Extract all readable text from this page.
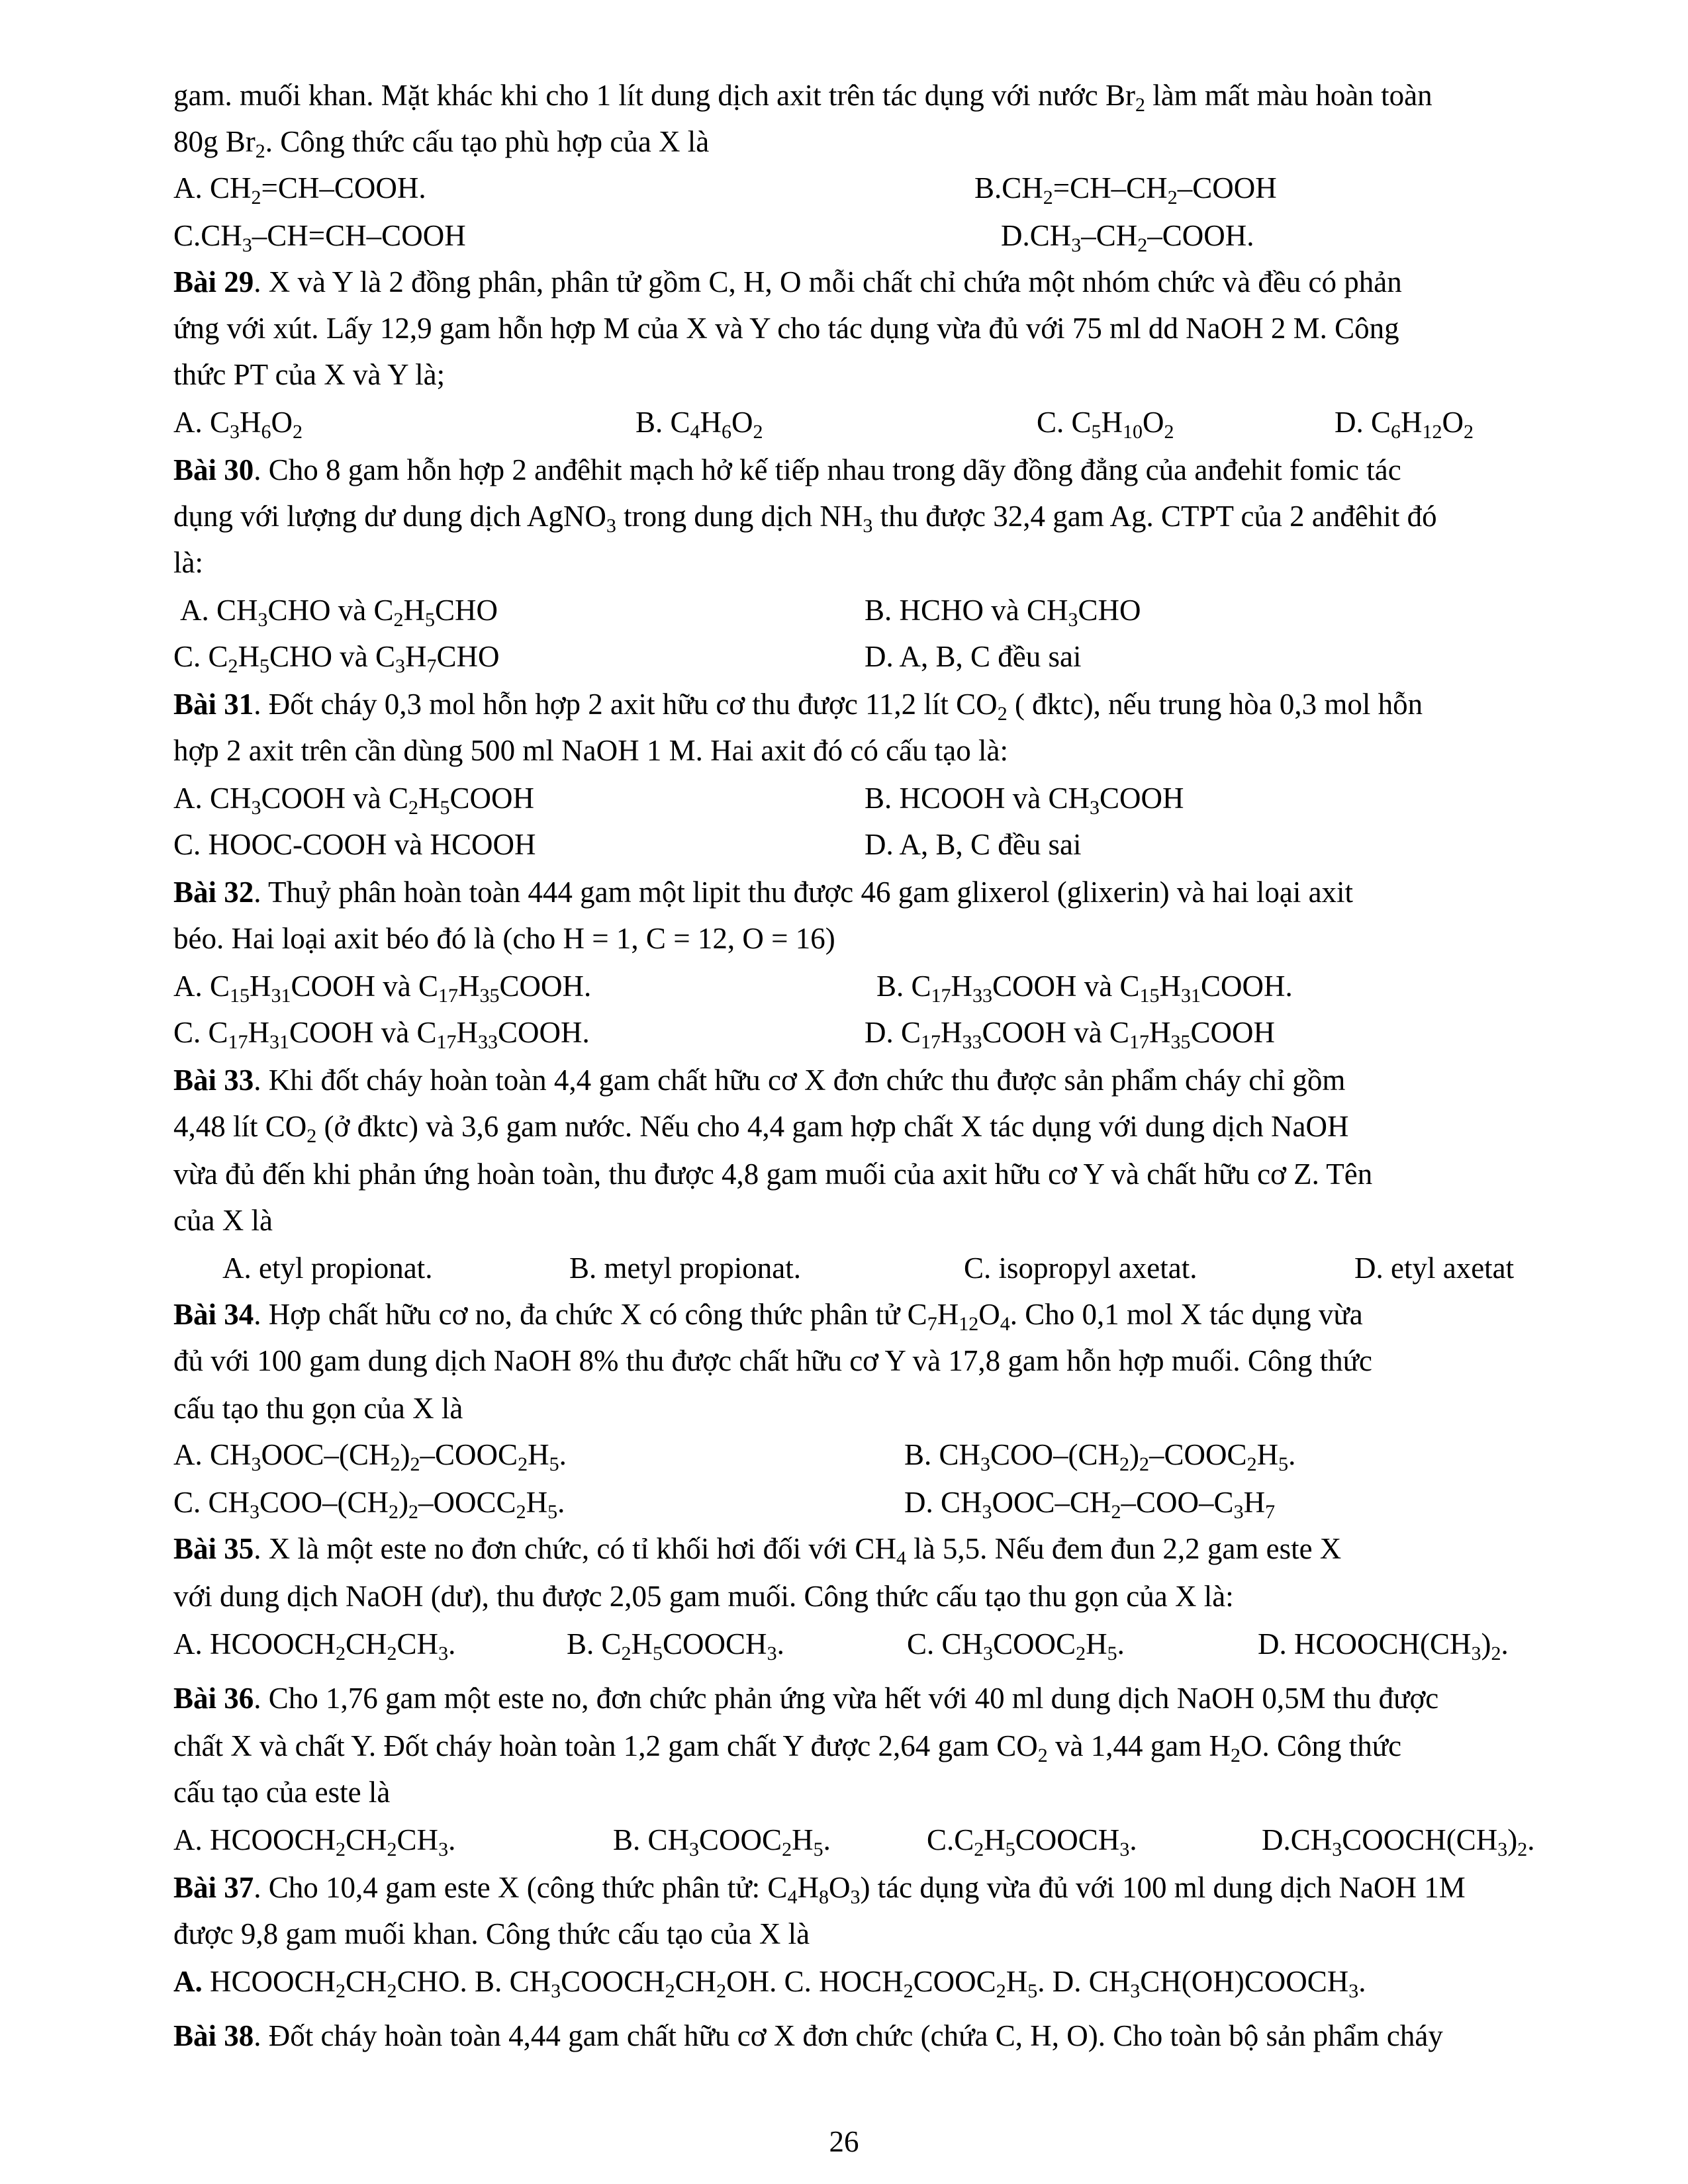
gam. muối khan. Mặt khác khi cho 1 lít dung dịch axit trên tác dụng với nước $Br_2$ làm mất màu hoàn toàn
80g $Br_2$. Công thức cấu tạo phù hợp của X là
A. $CH_2=CH$–COOH.	$B.CH_2=CH-CH_2$–COOH
$C.CH_3-CH=CH$–COOH	$D.CH_3-CH_2$–COOH.
Bài 29. X và Y là 2 đồng phân, phân tử gồm C, H, O mỗi chất chỉ chứa một nhóm chức và đều có phản
ứng với xút. Lấy 12,9 gam hỗn hợp M của X và Y cho tác dụng vừa đủ với 75 ml dd NaOH 2 M. Công
thức PT của X và Y là;
A. $C_3H_6O_2$	B. $C_4H_6O_2$	C. $C_5H_{10}O_2$	D. $C_6H_{12}O_2$
Bài 30. Cho 8 gam hỗn hợp 2 anđêhit mạch hở kế tiếp nhau trong dãy đồng đẳng của anđehit fomic tác
dụng với lượng dư dung dịch AgNO$_3$ trong dung dịch $NH_3$ thu được 32,4 gam Ag. CTPT của 2 anđêhit đó
là:
A. $CH_3CHO$ và $C_2H_5CHO$	B. HCHO và $CH_3CHO$
C. $C_2H_5CHO$ và $C_3H_7CHO$	D. A, B, C đều sai
Bài 31. Đốt cháy 0,3 mol hỗn hợp 2 axit hữu cơ thu được 11,2 lít $CO_2$ ( đktc), nếu trung hòa 0,3 mol hỗn
hợp 2 axit trên cần dùng 500 ml NaOH 1 M. Hai axit đó có cấu tạo là:
A. $CH_3COOH$ và $C_2H_5COOH$	B. HCOOH và $CH_3COOH$
C. HOOC-COOH và HCOOH	D. A, B, C đều sai
Bài 32. Thuỷ phân hoàn toàn 444 gam một lipit thu được 46 gam glixerol (glixerin) và hai loại axit
béo. Hai loại axit béo đó là (cho H = 1, C = 12, O = 16)
A. $C_{15}H_{31}COOH$ và $C_{17}H_{35}COOH$.	B. $C_{17}H_{33}COOH$ và $C_{15}H_{31}COOH$.
C. $C_{17}H_{31}COOH$ và $C_{17}H_{33}COOH$.	D. $C_{17}H_{33}COOH$ và $C_{17}H_{35}COOH$
Bài 33. Khi đốt cháy hoàn toàn 4,4 gam chất hữu cơ X đơn chức thu được sản phẩm cháy chỉ gồm
4,48 lít $CO_2$ (ở đktc) và 3,6 gam nước. Nếu cho 4,4 gam hợp chất X tác dụng với dung dịch NaOH
vừa đủ đến khi phản ứng hoàn toàn, thu được 4,8 gam muối của axit hữu cơ Y và chất hữu cơ Z. Tên
của X là
A. etyl propionat.	B. metyl propionat.	C. isopropyl axetat.	D. etyl axetat
Bài 34. Hợp chất hữu cơ no, đa chức X có công thức phân tử $C_7H_{12}O_4$. Cho 0,1 mol X tác dụng vừa
đủ với 100 gam dung dịch NaOH 8% thu được chất hữu cơ Y và 17,8 gam hỗn hợp muối. Công thức
cấu tạo thu gọn của X là
A. $CH_3OOC-(CH_2)_2-COOC_2H_5$.	B. $CH_3COO-(CH_2)_2-COOC_2H_5$.
C. $CH_3COO-(CH_2)_2-OOCC_2H_5$.	D. $CH_3OOC-CH_2-COO-C_3H_7$
Bài 35. X là một este no đơn chức, có tỉ khối hơi đối với $CH_4$ là 5,5. Nếu đem đun 2,2 gam este X
với dung dịch NaOH (dư), thu được 2,05 gam muối. Công thức cấu tạo thu gọn của X là:
A. $HCOOCH_2CH_2CH_3$.	B. $C_2H_5COOCH_3$.	C. $CH_3COOC_2H_5$.	D. $HCOOCH(CH_3)_2$.
Bài 36. Cho 1,76 gam một este no, đơn chức phản ứng vừa hết với 40 ml dung dịch NaOH 0,5M thu được
chất X và chất Y. Đốt cháy hoàn toàn 1,2 gam chất Y được 2,64 gam $CO_2$ và 1,44 gam $H_2O$. Công thức
cấu tạo của este là
A. $HCOOCH_2CH_2CH_3$.	B. $CH_3COOC_2H_5$.	$C.C_2H_5COOCH_3$.	$D.CH_3COOCH(CH_3)_2$.
Bài 37. Cho 10,4 gam este X (công thức phân tử: $C_4H_8O_3$) tác dụng vừa đủ với 100 ml dung dịch NaOH 1M
được 9,8 gam muối khan. Công thức cấu tạo của X là
A. $HCOOCH_2CH_2CHO$. B. $CH_3COOCH_2CH_2OH$. C. $HOCH_2COOC_2H_5$. D. $CH_3CH(OH)COOCH_3$.
Bài 38. Đốt cháy hoàn toàn 4,44 gam chất hữu cơ X đơn chức (chứa C, H, O). Cho toàn bộ sản phẩm cháy
26
